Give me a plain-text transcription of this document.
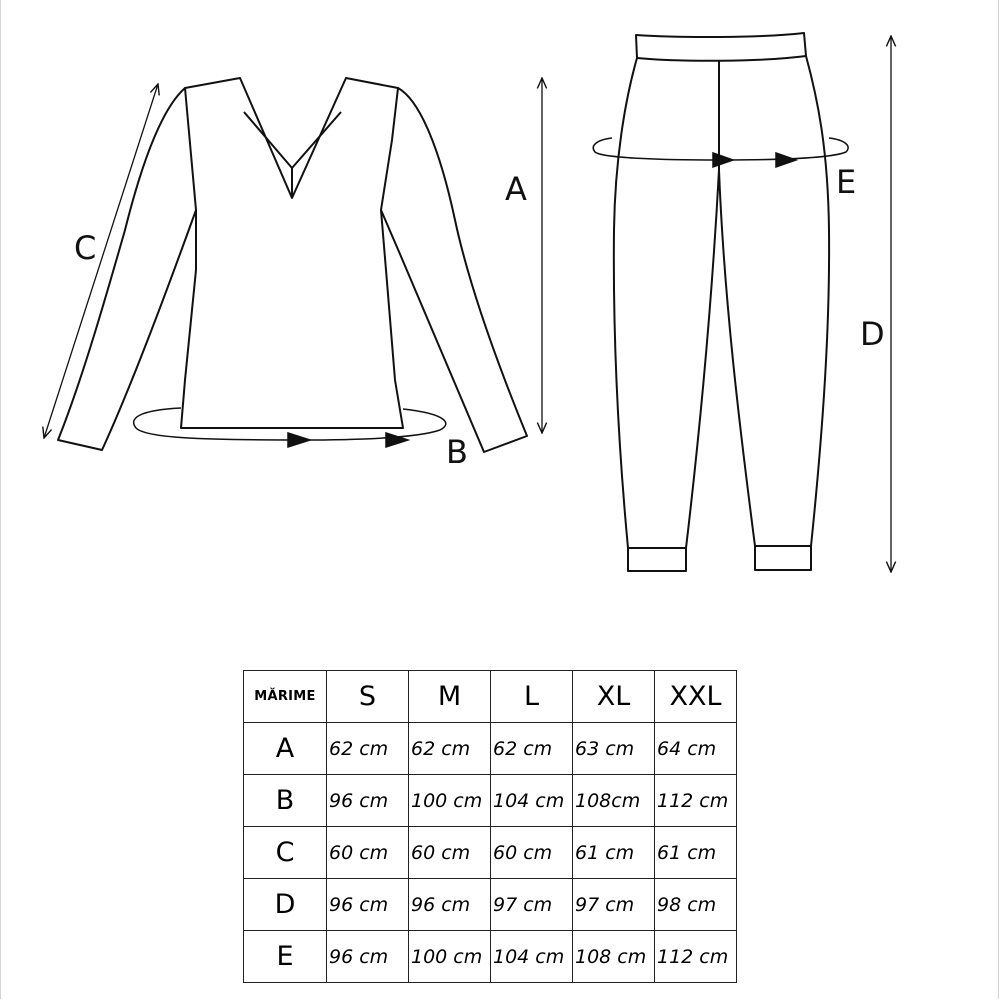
A
B
C
D
E
MĂRIME	S	M	L	XL	XXL
A	62 cm	62 cm	62 cm	63 cm	64 cm
B	96 cm	100 cm	104 cm	108cm	112 cm
C	60 cm	60 cm	60 cm	61 cm	61 cm
D	96 cm	96 cm	97 cm	97 cm	98 cm
E	96 cm	100 cm	104 cm	108 cm	112 cm
